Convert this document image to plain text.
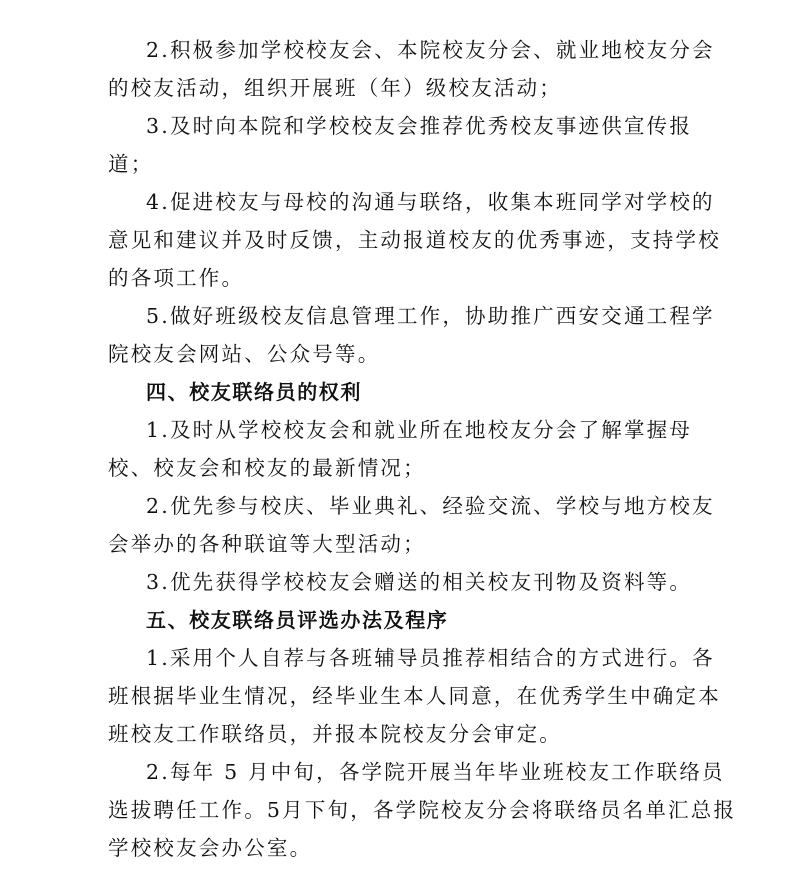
2.积极参加学校校友会、本院校友分会、就业地校友分会
的校友活动，组织开展班（年）级校友活动；
3.及时向本院和学校校友会推荐优秀校友事迹供宣传报
道；
4.促进校友与母校的沟通与联络，收集本班同学对学校的
意见和建议并及时反馈，主动报道校友的优秀事迹，支持学校
的各项工作。
5.做好班级校友信息管理工作，协助推广西安交通工程学
院校友会网站、公众号等。
四、校友联络员的权利
1.及时从学校校友会和就业所在地校友分会了解掌握母
校、校友会和校友的最新情况；
2.优先参与校庆、毕业典礼、经验交流、学校与地方校友
会举办的各种联谊等大型活动；
3.优先获得学校校友会赠送的相关校友刊物及资料等。
五、校友联络员评选办法及程序
1.采用个人自荐与各班辅导员推荐相结合的方式进行。各
班根据毕业生情况，经毕业生本人同意，在优秀学生中确定本
班校友工作联络员，并报本院校友分会审定。
2.每年 5 月中旬，各学院开展当年毕业班校友工作联络员
选拔聘任工作。5月下旬，各学院校友分会将联络员名单汇总报
学校校友会办公室。
